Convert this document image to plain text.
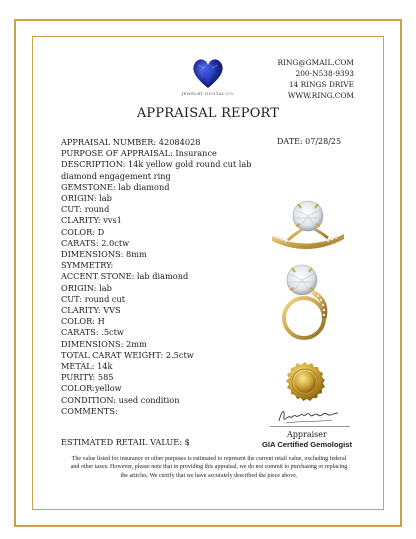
JEWELRY DIGITAL CO.
RING@GMAIL.COM
200-N538-9393
14 RINGS DRIVE
WWW.RING.COM
APPRAISAL REPORT
DATE: 07/28/25
APPRAISAL NUMBER: 42084028
PURPOSE OF APPRAISAL: Insurance
DESCRIPTION: 14k yellow gold round cut lab diamond engagement ring
GEMSTONE: lab diamond
ORIGIN: lab
CUT: round
CLARITY: vvs1
COLOR: D
CARATS: 2.0ctw
DIMENSIONS: 8mm
SYMMETRY:
ACCENT STONE: lab diamond
ORIGIN: lab
CUT: round cut
CLARITY: VVS
COLOR: H
CARATS: .5ctw
DIMENSIONS: 2mm
TOTAL CARAT WEIGHT: 2.5ctw
METAL: 14k
PURITY: 585
COLOR:yellow
CONDITION: used condition
COMMENTS:
ESTIMATED RETAIL VALUE: $
The value listed for insurance or other purposes is estimated to represent the current retail value, excluding federal and other taxes. However, please note that in providing this appraisal, we do not commit to purchasing or replacing the articles. We certify that we have accurately described the piece above.
Appraiser
GIA Certified Gemologist
